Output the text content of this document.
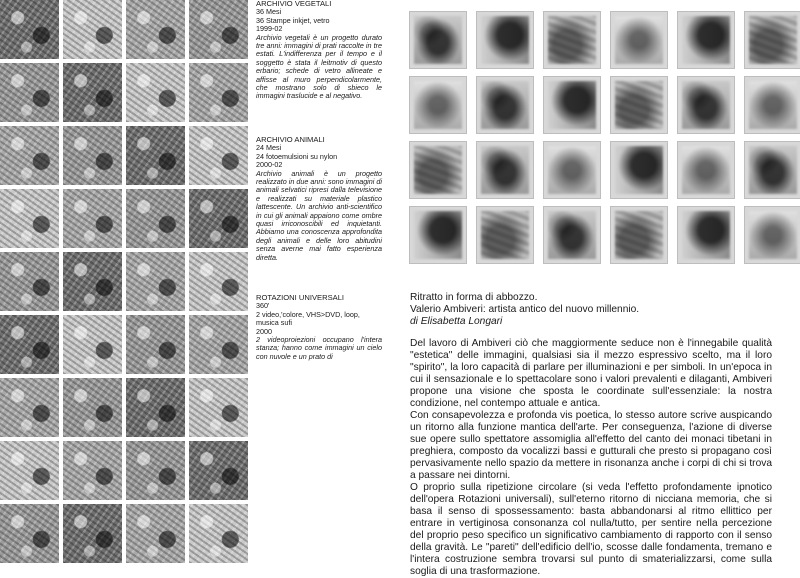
ARCHIVIO VEGETALI
36 Mesi
36 Stampe inkjet, vetro
1999-02
Archivio vegetali è un progetto durato tre anni: immagini di prati raccolte in tre estati. L'indifferenza per il tempo e il soggetto è stata il leitmotiv di questo erbario; schede di vetro allineate e affisse al muro perpendicolarmente, che mostrano solo di sbieco le immagini traslucide e al negativo.
ARCHIVIO ANIMALI
24 Mesi
24 fotoemulsioni su nylon
2000-02
Archivio animali è un progetto realizzato in due anni: sono immagini di animali selvatici ripresi dalla televisione e realizzati su materiale plastico lattescente. Un archivio anti-scientifico in cui gli animali appaiono come ombre quasi irriconoscibili ed inquietanti. Abbiamo una conoscenza approfondita degli animali e delle loro abitudini senza averne mai fatto esperienza diretta.
ROTAZIONI UNIVERSALI
360'
2 video,'colore, VHS>DVD, loop, musica sufi
2000
2 videoproiezioni occupano l'intera stanza; hanno come immagini un cielo con nuvole e un prato di
Ritratto in forma di abbozzo.
Valerio Ambiveri: artista antico del nuovo millennio.
di Elisabetta Longari

Del lavoro di Ambiveri ciò che maggiormente seduce non è l'innegabile qualità "estetica" delle immagini, qualsiasi sia il mezzo espressivo scelto, ma il loro "spirito", la loro capacità di parlare per illuminazioni e per simboli. In un'epoca in cui il sensazionale e lo spettacolare sono i valori prevalenti e dilaganti, Ambiveri propone una visione che sposta le coordinate sull'essenziale: la nostra condizione, nel contempo attuale e antica.

Con consapevolezza e profonda vis poetica, lo stesso autore scrive auspicando un ritorno alla funzione mantica dell'arte. Per conseguenza, l'azione di diverse sue opere sullo spettatore assomiglia all'effetto del canto dei monaci tibetani in preghiera, composto da vocalizzi bassi e gutturali che presto si propagano così pervasivamente nello spazio da mettere in risonanza anche i corpi di chi si trova a passare nei dintorni.

O proprio sulla ripetizione circolare (si veda l'effetto profondamente ipnotico dell'opera Rotazioni universali), sull'eterno ritorno di nicciana memoria, che si basa il senso di spossessamento: basta abbandonarsi al ritmo ellittico per entrare in vertiginosa consonanza col nulla/tutto, per sentire nella percezione del proprio peso specifico un significativo cambiamento di rapporto con il senso della gravità. Le "pareti" dell'edificio dell'io, scosse dalle fondamenta, tremano e l'intera costruzione sembra trovarsi sul punto di smaterializzarsi, come sulla soglia di una trasformazione.
